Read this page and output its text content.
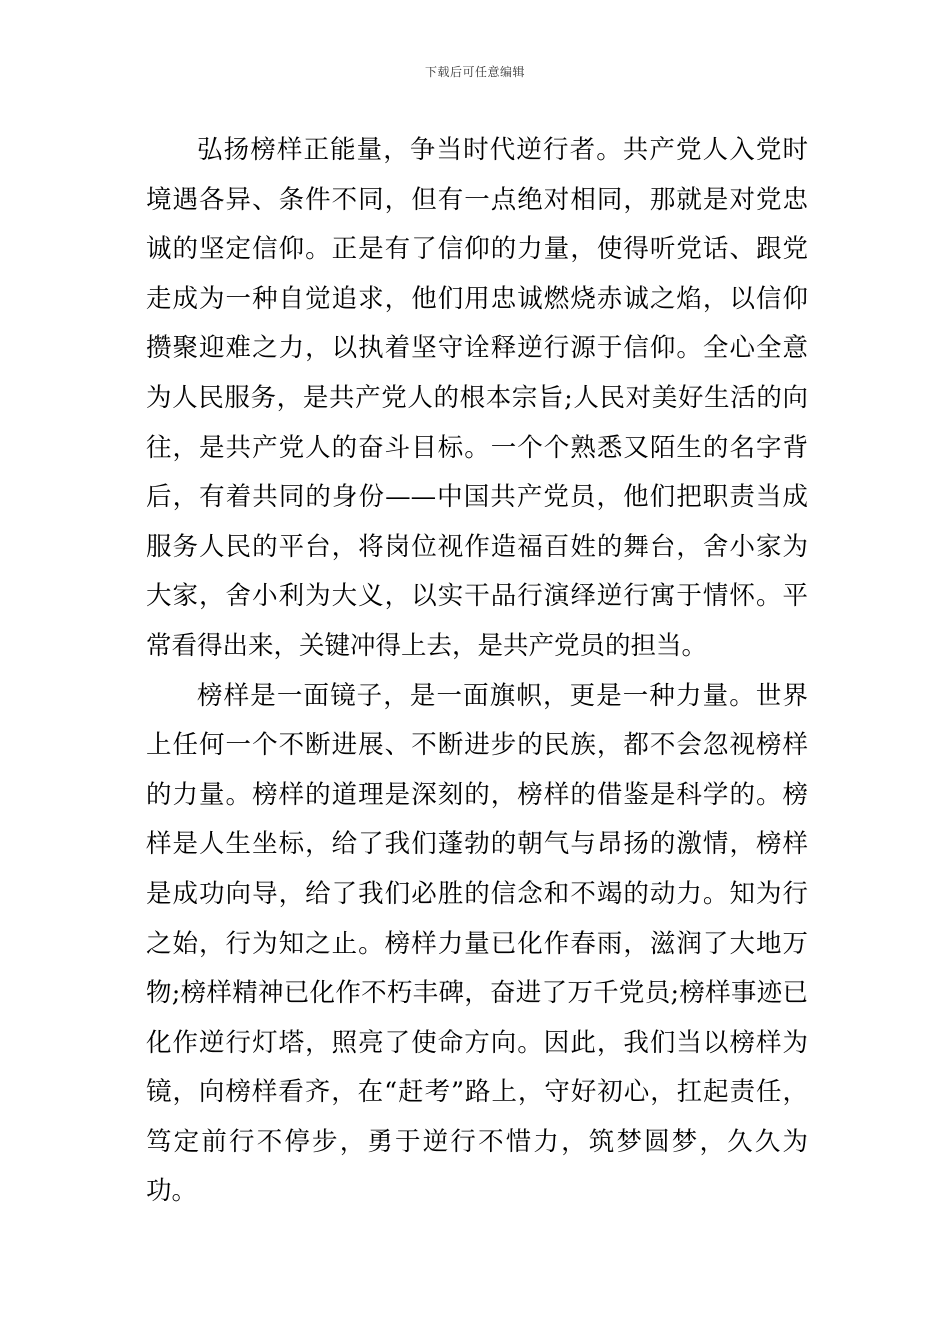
下载后可任意编辑

弘扬榜样正能量，争当时代逆行者。共产党人入党时境遇各异、条件不同，但有一点绝对相同，那就是对党忠诚的坚定信仰。正是有了信仰的力量，使得听党话、跟党走成为一种自觉追求，他们用忠诚燃烧赤诚之焰，以信仰攒聚迎难之力，以执着坚守诠释逆行源于信仰。全心全意为人民服务，是共产党人的根本宗旨;人民对美好生活的向往，是共产党人的奋斗目标。一个个熟悉又陌生的名字背后，有着共同的身份——中国共产党员，他们把职责当成服务人民的平台，将岗位视作造福百姓的舞台，舍小家为大家，舍小利为大义，以实干品行演绎逆行寓于情怀。平常看得出来，关键冲得上去，是共产党员的担当。

榜样是一面镜子，是一面旗帜，更是一种力量。世界上任何一个不断进展、不断进步的民族，都不会忽视榜样的力量。榜样的道理是深刻的，榜样的借鉴是科学的。榜样是人生坐标，给了我们蓬勃的朝气与昂扬的激情，榜样是成功向导，给了我们必胜的信念和不竭的动力。知为行之始，行为知之止。榜样力量已化作春雨，滋润了大地万物;榜样精神已化作不朽丰碑，奋进了万千党员;榜样事迹已化作逆行灯塔，照亮了使命方向。因此，我们当以榜样为镜，向榜样看齐，在“赶考”路上，守好初心，扛起责任，笃定前行不停步，勇于逆行不惜力，筑梦圆梦，久久为功。
